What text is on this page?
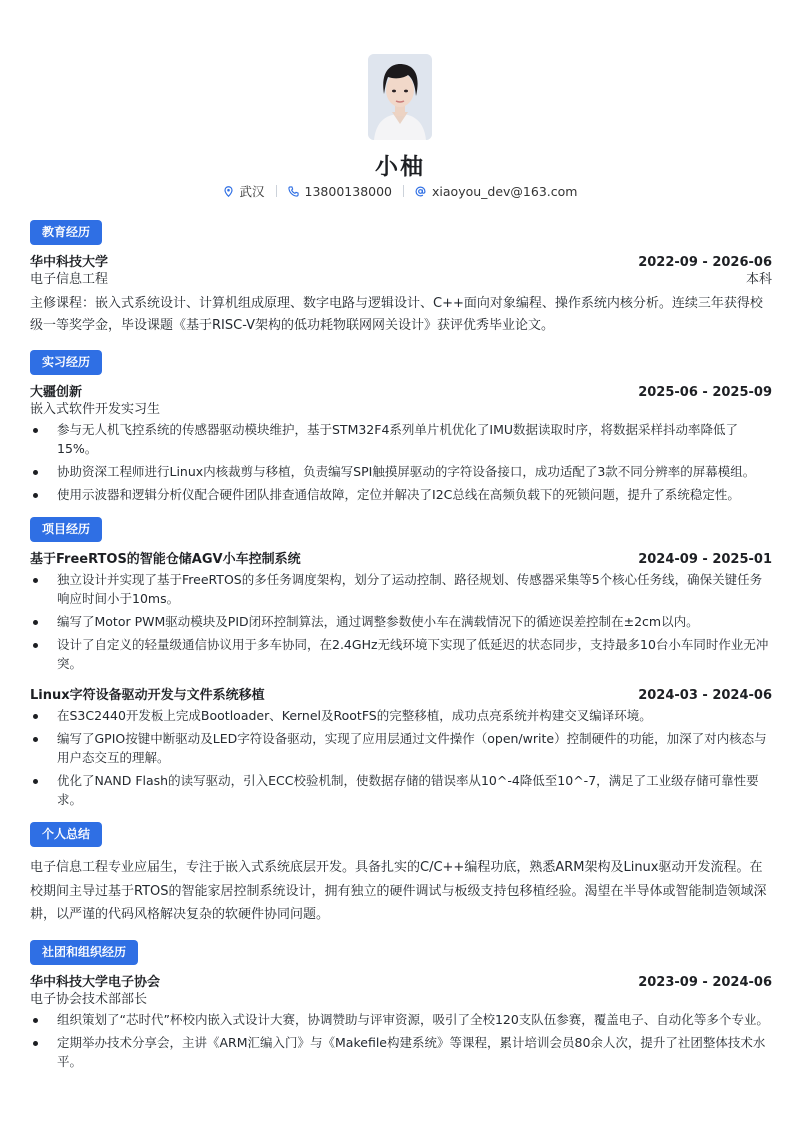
小柚
武汉	13800138000	xiaoyou_dev@163.com
教育经历
华中科技大学	2022-09 - 2026-06
电子信息工程	本科
主修课程：嵌入式系统设计、计算机组成原理、数字电路与逻辑设计、C++面向对象编程、操作系统内核分析。连续三年获得校级一等奖学金，毕设课题《基于RISC-V架构的低功耗物联网网关设计》获评优秀毕业论文。
实习经历
大疆创新	2025-06 - 2025-09
嵌入式软件开发实习生
参与无人机飞控系统的传感器驱动模块维护，基于STM32F4系列单片机优化了IMU数据读取时序，将数据采样抖动率降低了15%。
协助资深工程师进行Linux内核裁剪与移植，负责编写SPI触摸屏驱动的字符设备接口，成功适配了3款不同分辨率的屏幕模组。
使用示波器和逻辑分析仪配合硬件团队排查通信故障，定位并解决了I2C总线在高频负载下的死锁问题，提升了系统稳定性。
项目经历
基于FreeRTOS的智能仓储AGV小车控制系统	2024-09 - 2025-01
独立设计并实现了基于FreeRTOS的多任务调度架构，划分了运动控制、路径规划、传感器采集等5个核心任务线，确保关键任务响应时间小于10ms。
编写了Motor PWM驱动模块及PID闭环控制算法，通过调整参数使小车在满载情况下的循迹误差控制在±2cm以内。
设计了自定义的轻量级通信协议用于多车协同，在2.4GHz无线环境下实现了低延迟的状态同步，支持最多10台小车同时作业无冲突。
Linux字符设备驱动开发与文件系统移植	2024-03 - 2024-06
在S3C2440开发板上完成Bootloader、Kernel及RootFS的完整移植，成功点亮系统并构建交叉编译环境。
编写了GPIO按键中断驱动及LED字符设备驱动，实现了应用层通过文件操作（open/write）控制硬件的功能，加深了对内核态与用户态交互的理解。
优化了NAND Flash的读写驱动，引入ECC校验机制，使数据存储的错误率从10^-4降低至10^-7，满足了工业级存储可靠性要求。
个人总结
电子信息工程专业应届生，专注于嵌入式系统底层开发。具备扎实的C/C++编程功底，熟悉ARM架构及Linux驱动开发流程。在校期间主导过基于RTOS的智能家居控制系统设计，拥有独立的硬件调试与板级支持包移植经验。渴望在半导体或智能制造领域深耕，以严谨的代码风格解决复杂的软硬件协同问题。
社团和组织经历
华中科技大学电子协会	2023-09 - 2024-06
电子协会技术部部长
组织策划了“芯时代”杯校内嵌入式设计大赛，协调赞助与评审资源，吸引了全校120支队伍参赛，覆盖电子、自动化等多个专业。
定期举办技术分享会，主讲《ARM汇编入门》与《Makefile构建系统》等课程，累计培训会员80余人次，提升了社团整体技术水平。
